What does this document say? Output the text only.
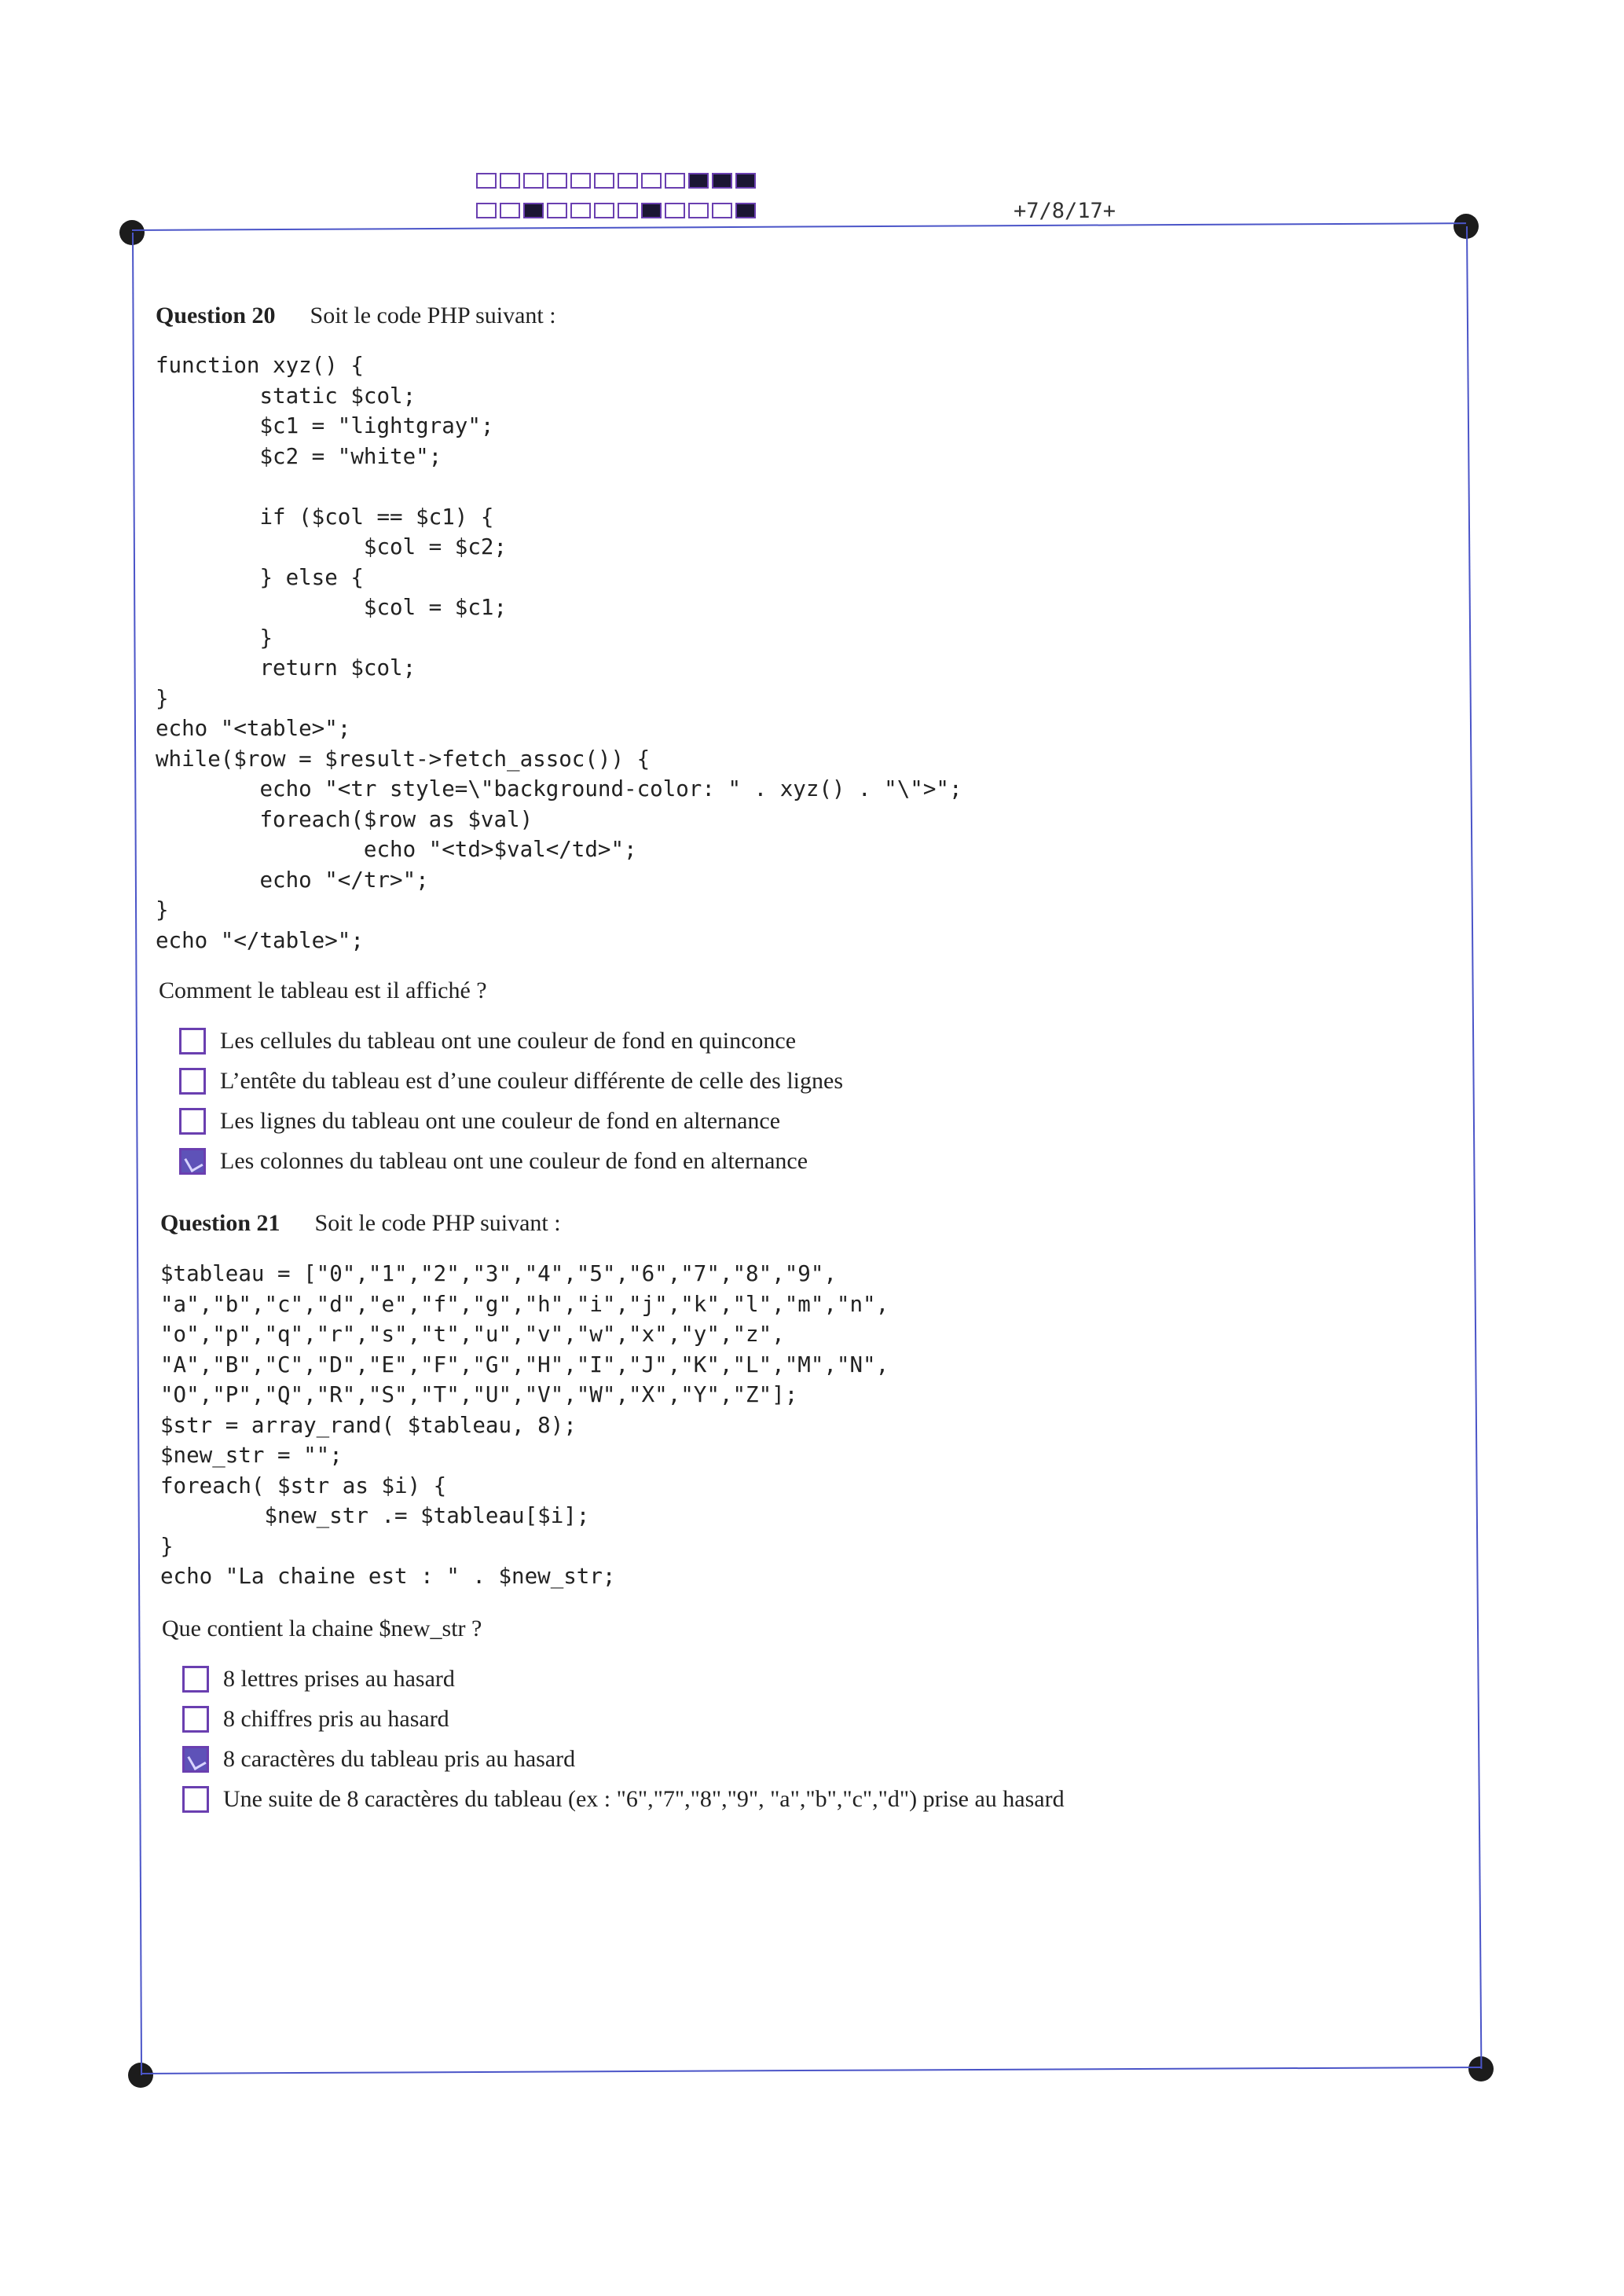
+7/8/17+
Question 20 Soit le code PHP suivant :
function xyz() {
static $col;
$c1 = "lightgray";
$c2 = "white";

if ($col == $c1) {
$col = $c2;
} else {
$col = $c1;
}
return $col;
}
echo "<table>";
while($row = $result->fetch_assoc()) {
echo "<tr style=\"background-color: " . xyz() . "\">";
foreach($row as $val)
echo "<td>$val</td>";
echo "</tr>";
}
echo "</table>";
Comment le tableau est il affiché ?
Les cellules du tableau ont une couleur de fond en quinconce
L’entête du tableau est d’une couleur différente de celle des lignes
Les lignes du tableau ont une couleur de fond en alternance
Les colonnes du tableau ont une couleur de fond en alternance
Question 21 Soit le code PHP suivant :
$tableau = ["0","1","2","3","4","5","6","7","8","9",
"a","b","c","d","e","f","g","h","i","j","k","l","m","n",
"o","p","q","r","s","t","u","v","w","x","y","z",
"A","B","C","D","E","F","G","H","I","J","K","L","M","N",
"O","P","Q","R","S","T","U","V","W","X","Y","Z"];
$str = array_rand( $tableau, 8);
$new_str = "";
foreach( $str as $i) {
$new_str .= $tableau[$i];
}
echo "La chaine est : " . $new_str;
Que contient la chaine $new_str ?
8 lettres prises au hasard
8 chiffres pris au hasard
8 caractères du tableau pris au hasard
Une suite de 8 caractères du tableau (ex : "6","7","8","9", "a","b","c","d") prise au hasard
